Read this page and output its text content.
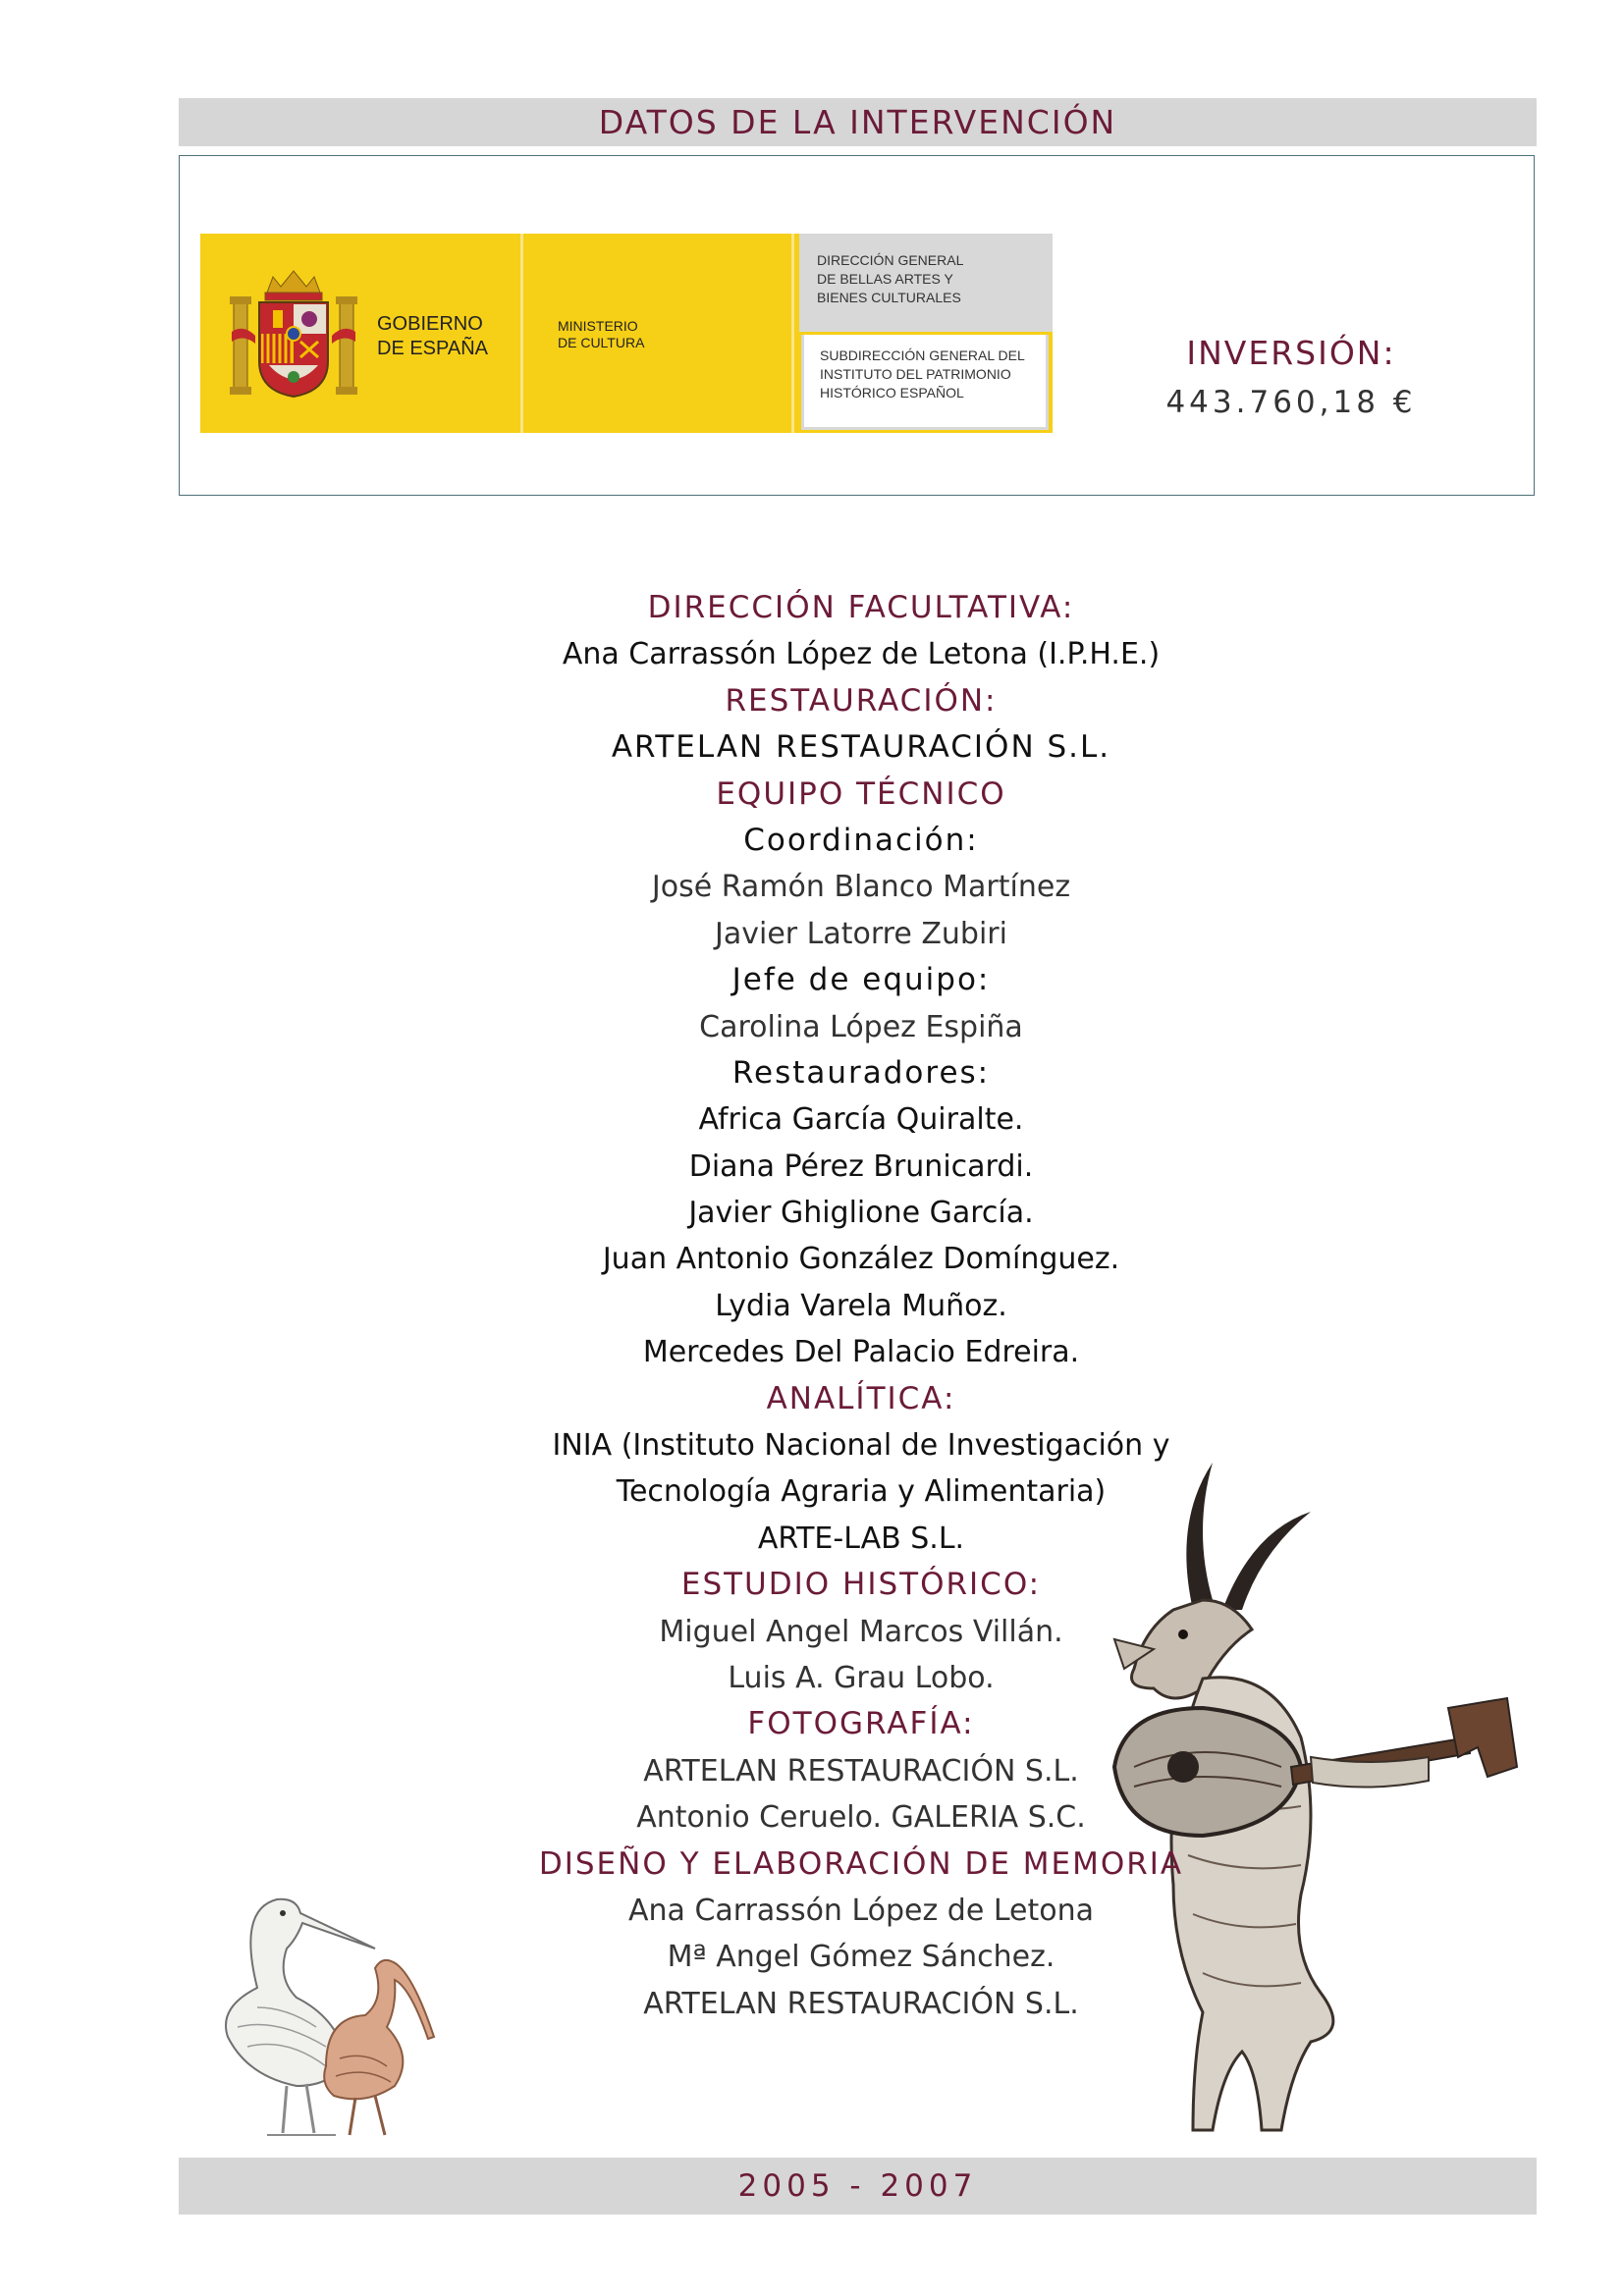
DATOS DE LA INTERVENCIÓN
GOBIERNO
DE ESPAÑA
MINISTERIO
DE CULTURA
DIRECCIÓN GENERAL
DE BELLAS ARTES Y
BIENES CULTURALES
SUBDIRECCIÓN GENERAL DEL
INSTITUTO DEL PATRIMONIO
HISTÓRICO ESPAÑOL
INVERSIÓN:
443.760,18 €
DIRECCIÓN FACULTATIVA:
Ana Carrassón López de Letona (I.P.H.E.)
RESTAURACIÓN:
ARTELAN RESTAURACIÓN S.L.
EQUIPO TÉCNICO
Coordinación:
José Ramón Blanco Martínez
Javier Latorre Zubiri
Jefe de equipo:
Carolina López Espiña
Restauradores:
Africa García Quiralte.
Diana Pérez Brunicardi.
Javier Ghiglione García.
Juan Antonio González Domínguez.
Lydia Varela Muñoz.
Mercedes Del Palacio Edreira.
ANALÍTICA:
INIA (Instituto Nacional de Investigación y
Tecnología Agraria y Alimentaria)
ARTE-LAB S.L.
ESTUDIO HISTÓRICO:
Miguel Angel Marcos Villán.
Luis A. Grau Lobo.
FOTOGRAFÍA:
ARTELAN RESTAURACIÓN S.L.
Antonio Ceruelo. GALERIA S.C.
DISEÑO Y ELABORACIÓN DE MEMORIA
Ana Carrassón López de Letona
Mª Angel Gómez Sánchez.
ARTELAN RESTAURACIÓN S.L.
2005 - 2007
